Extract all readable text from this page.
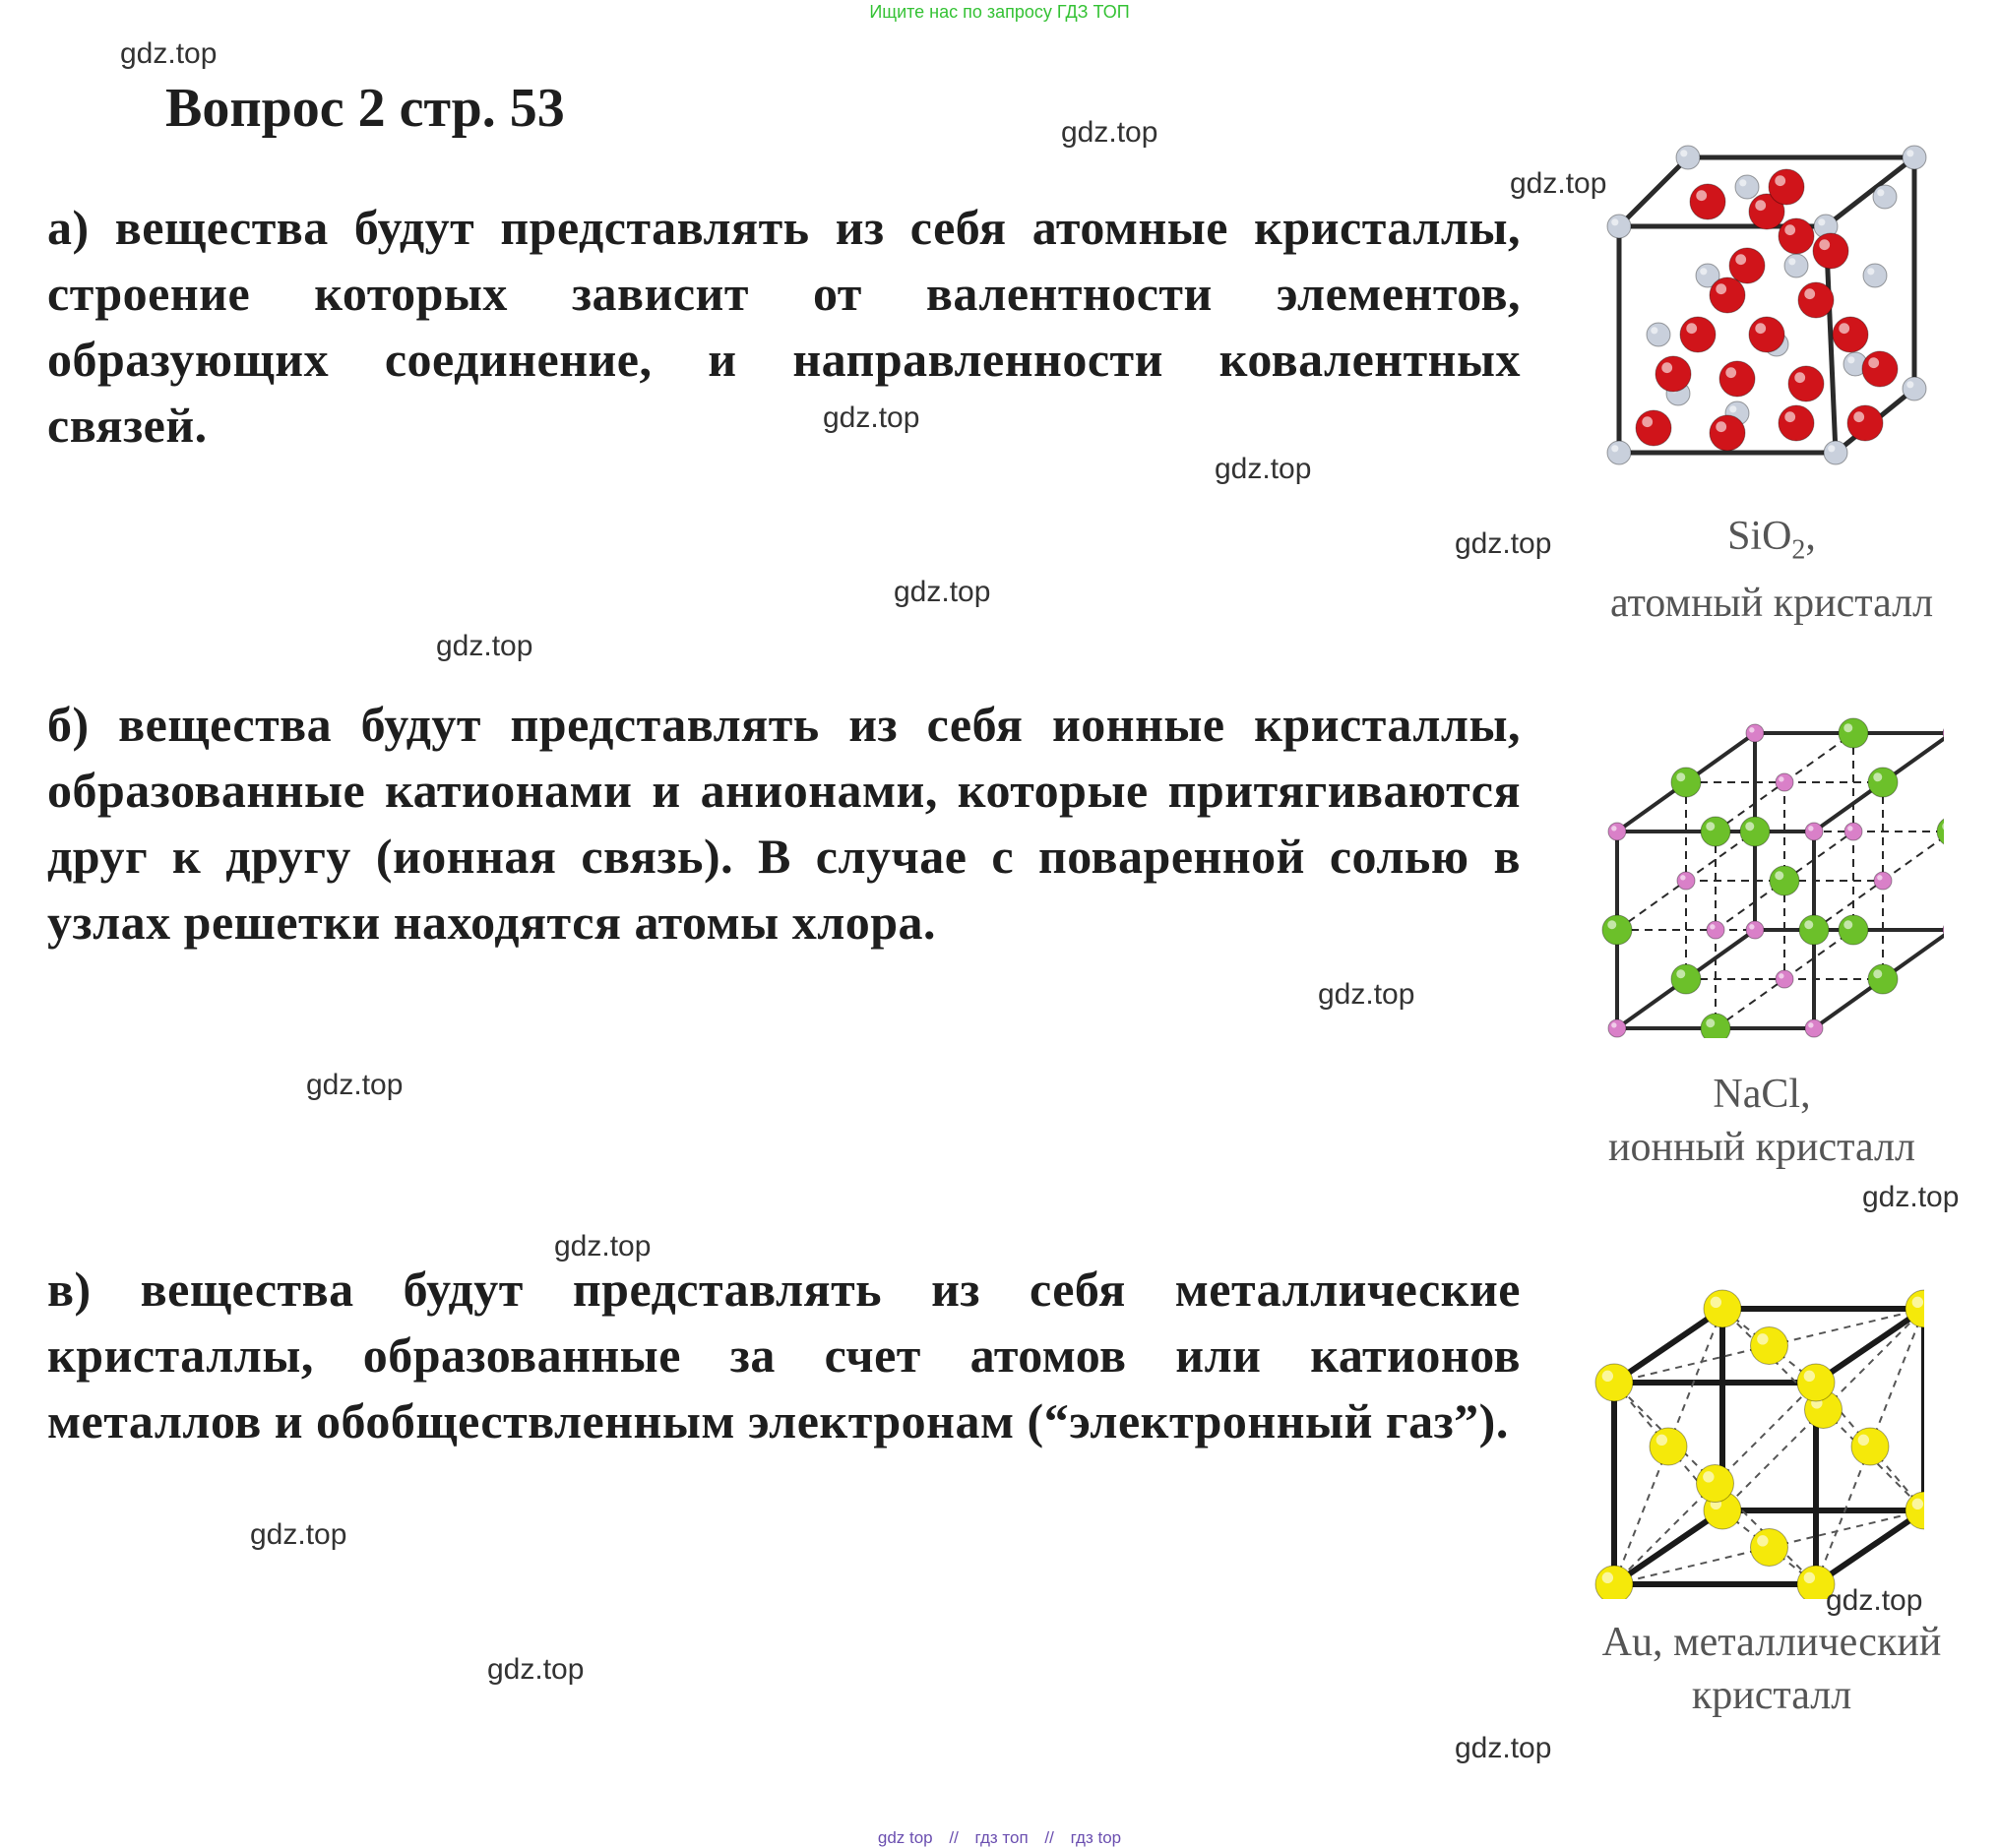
Ищите нас по запросу ГДЗ ТОП
Вопрос 2 стр. 53

а) вещества будут представлять из себя атомные кристаллы, строение которых зависит от валентности элементов, образующих соединение, и направленности ковалентных связей.

б) вещества будут представлять из себя ионные кристаллы, образованные катионами и анионами, которые притягиваются друг к другу (ионная связь). В случае с поваренной солью в узлах решетки находятся атомы хлора.

в) вещества будут представлять из себя металлические кристаллы, образованные за счет атомов или катионов металлов и обобществленным электронам (“электронный газ”).

SiO$_2$,
атомный кристалл
NaCl,
ионный кристалл
Au, металлический
кристалл
gdz.top
gdz.top
gdz.top
gdz.top
gdz.top
gdz.top
gdz.top
gdz.top
gdz.top
gdz.top
gdz.top
gdz.top
gdz.top
gdz.top
gdz.top
gdz.top
gdz top // гдз топ // гдз top
